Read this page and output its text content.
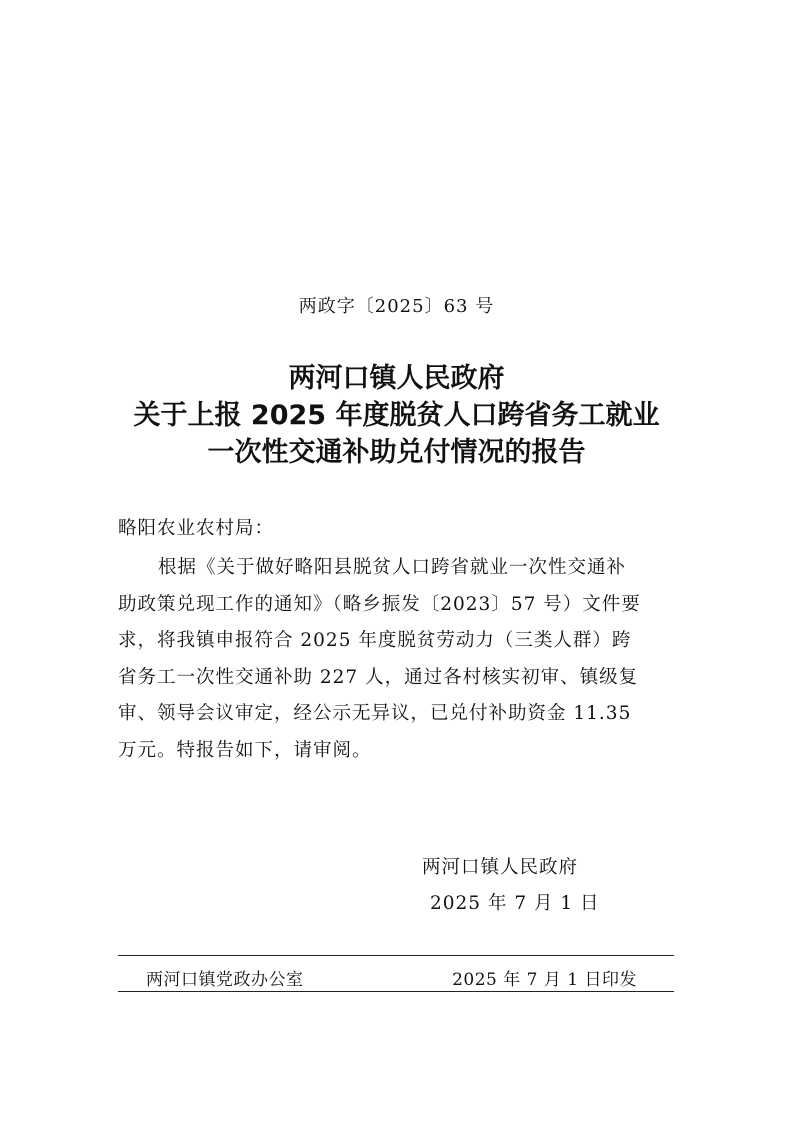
两政字〔2025〕63 号
两河口镇人民政府
关于上报 2025 年度脱贫人口跨省务工就业
一次性交通补助兑付情况的报告
略阳农业农村局：
根据《关于做好略阳县脱贫人口跨省就业一次性交通补
助政策兑现工作的通知》（略乡振发〔2023〕57 号）文件要
求，将我镇申报符合 2025 年度脱贫劳动力（三类人群）跨
省务工一次性交通补助 227 人，通过各村核实初审、镇级复
审、领导会议审定，经公示无异议，已兑付补助资金 11.35
万元。特报告如下，请审阅。
两河口镇人民政府
2025 年 7 月 1 日
两河口镇党政办公室	2025 年 7 月 1 日印发
